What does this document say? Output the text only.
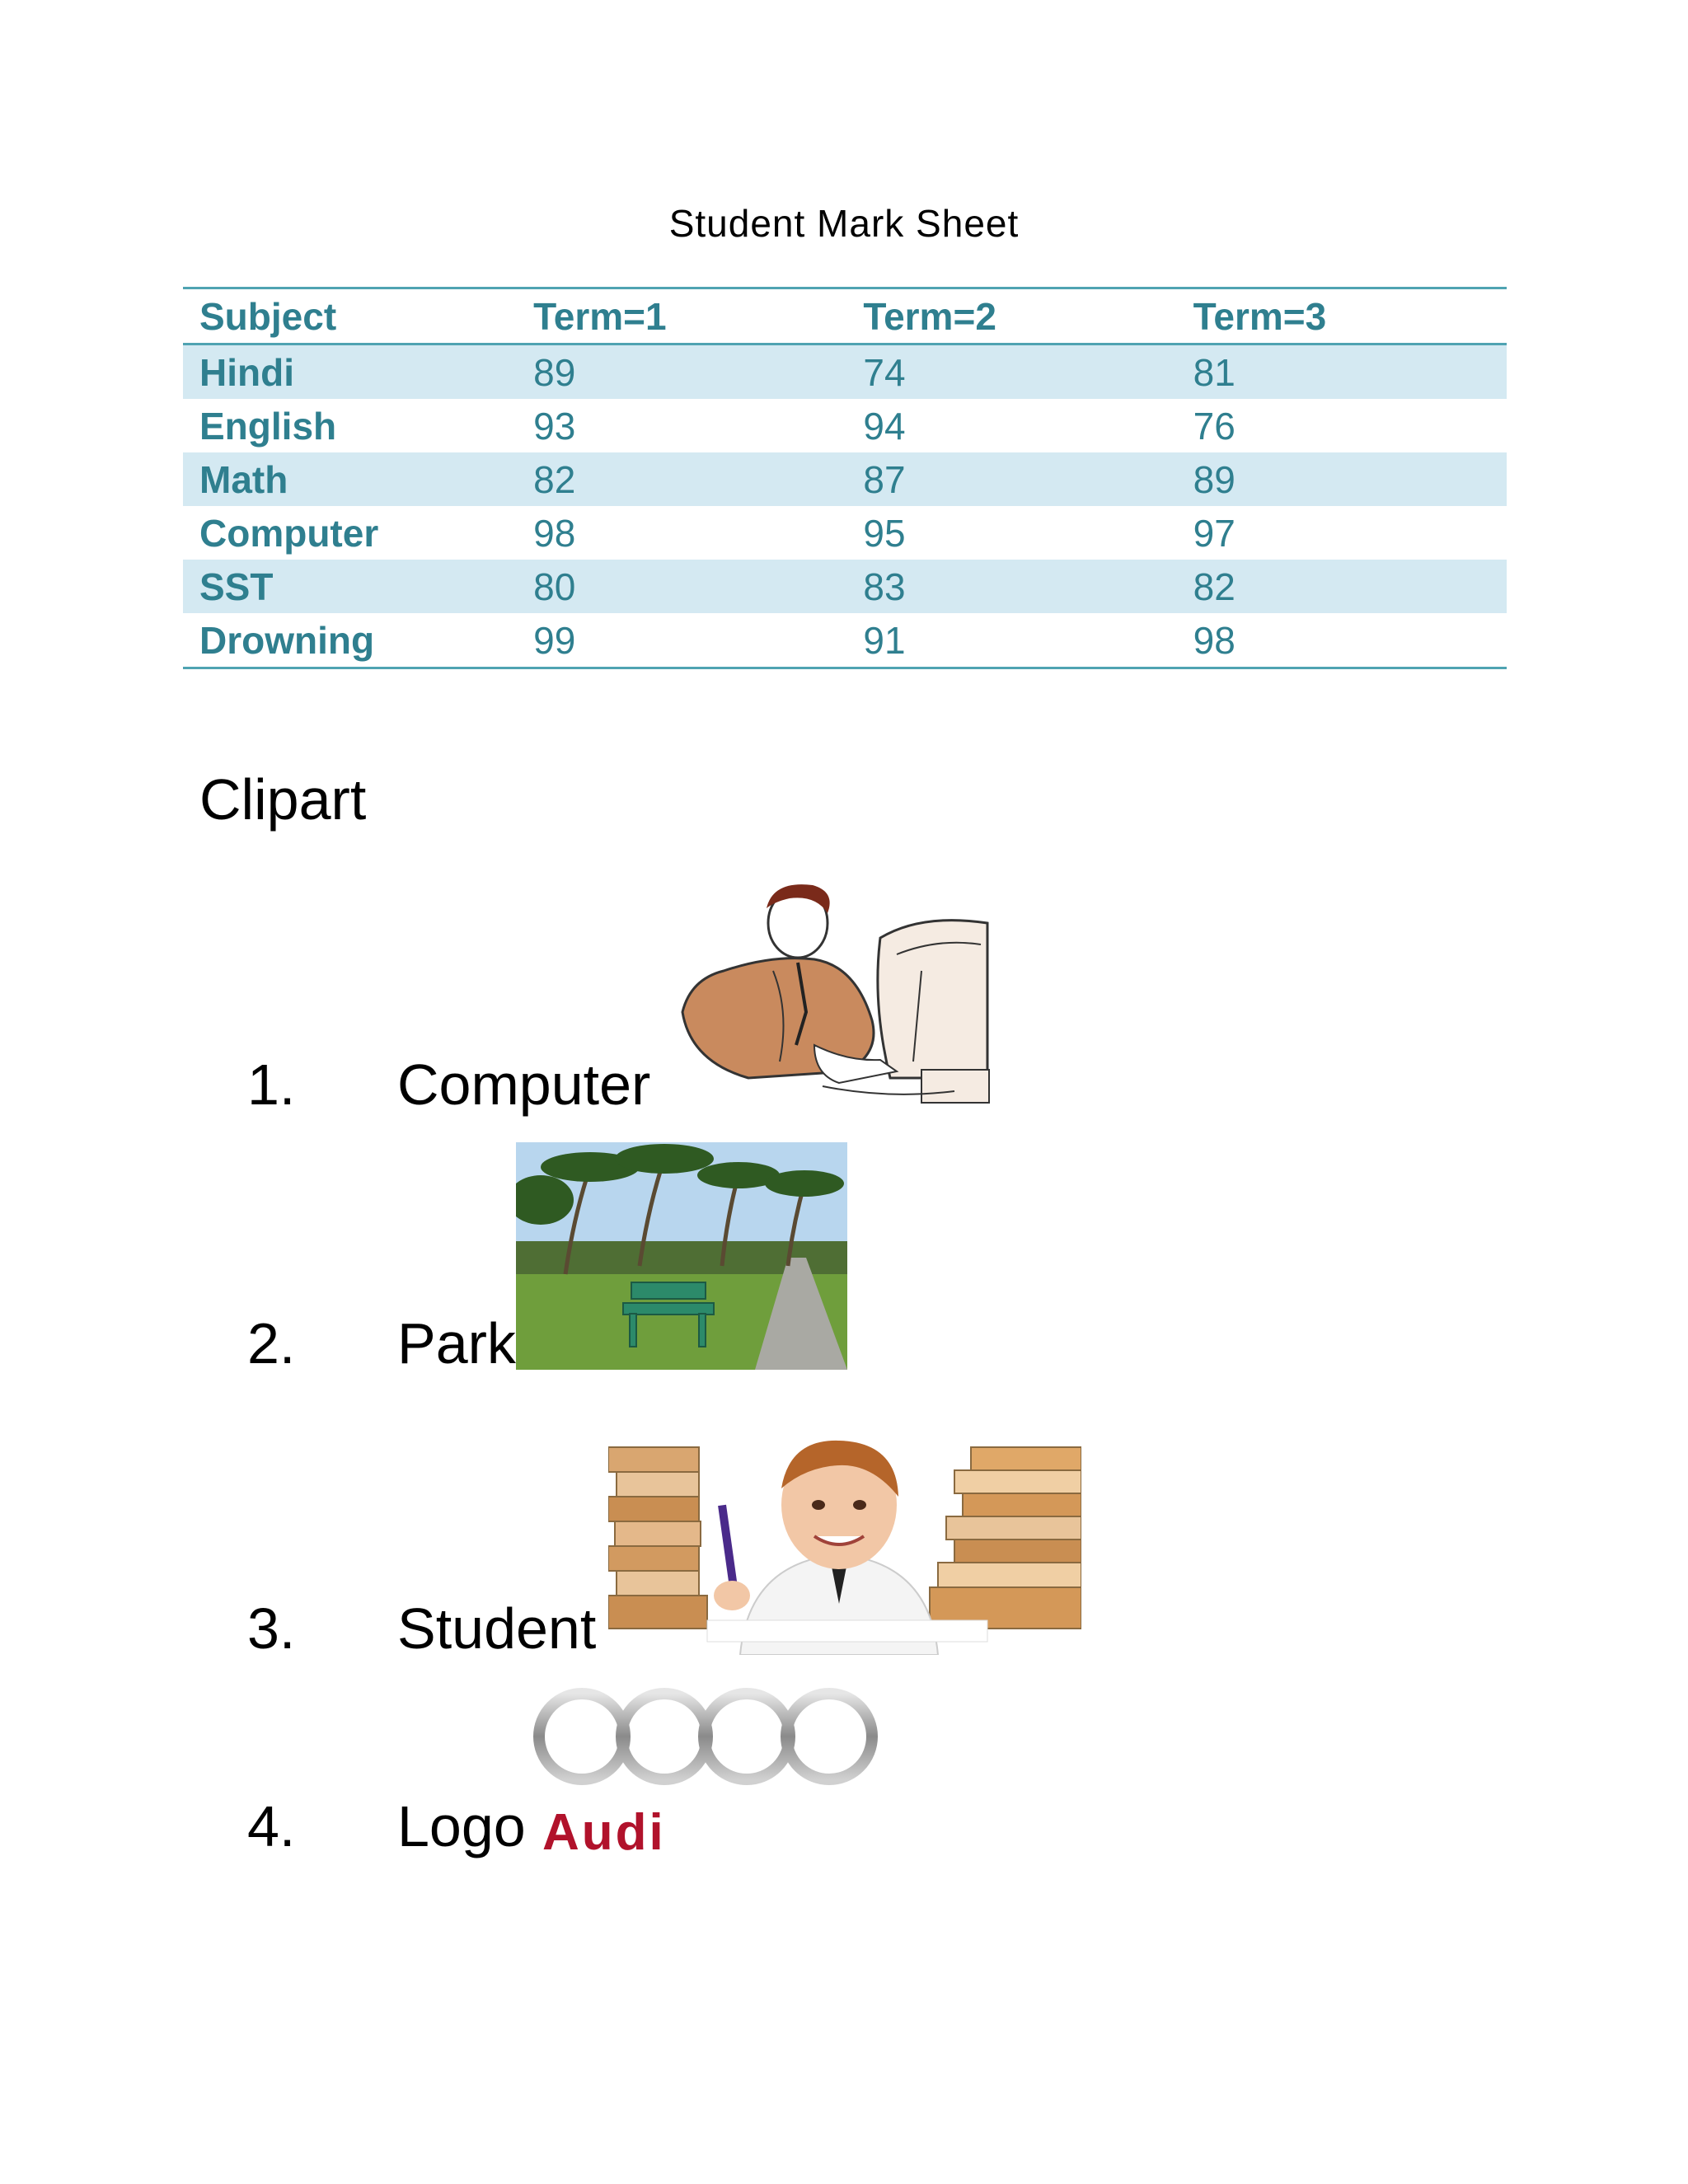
Student Mark Sheet
Subject	Term=1	Term=2	Term=3
Hindi	89	74	81
English	93	94	76
Math	82	87	89
Computer	98	95	97
SST	80	83	82
Drowning	99	91	98
Clipart
1. Computer
2. Park
3. Student
4. Logo Audi
